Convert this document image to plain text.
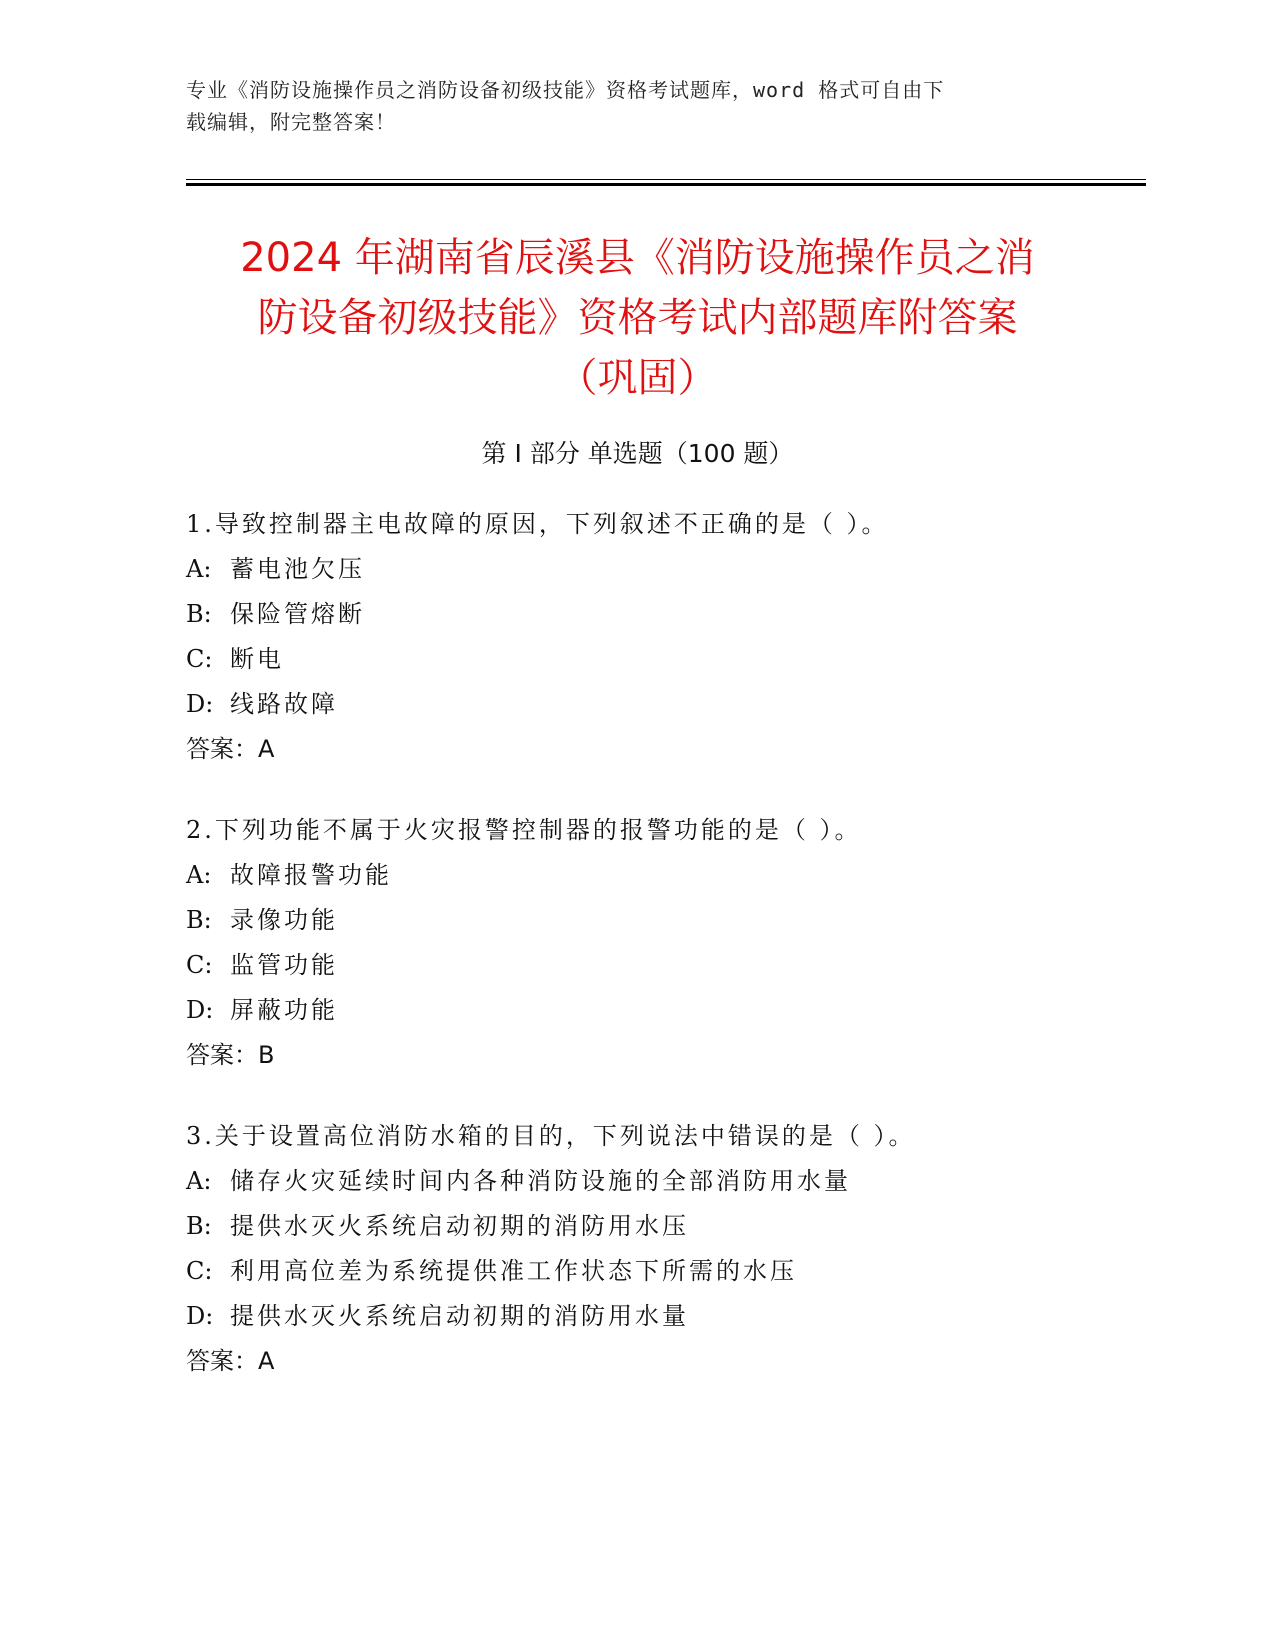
专业《消防设施操作员之消防设备初级技能》资格考试题库，word 格式可自由下
载编辑，附完整答案！
2024 年湖南省辰溪县《消防设施操作员之消
防设备初级技能》资格考试内部题库附答案
（巩固）
第 I 部分 单选题（100 题）
1.导致控制器主电故障的原因，下列叙述不正确的是（ ）。
A: 蓄电池欠压
B: 保险管熔断
C: 断电
D: 线路故障
答案：A
2.下列功能不属于火灾报警控制器的报警功能的是（ ）。
A: 故障报警功能
B: 录像功能
C: 监管功能
D: 屏蔽功能
答案：B
3.关于设置高位消防水箱的目的，下列说法中错误的是（ ）。
A: 储存火灾延续时间内各种消防设施的全部消防用水量
B: 提供水灭火系统启动初期的消防用水压
C: 利用高位差为系统提供准工作状态下所需的水压
D: 提供水灭火系统启动初期的消防用水量
答案：A
